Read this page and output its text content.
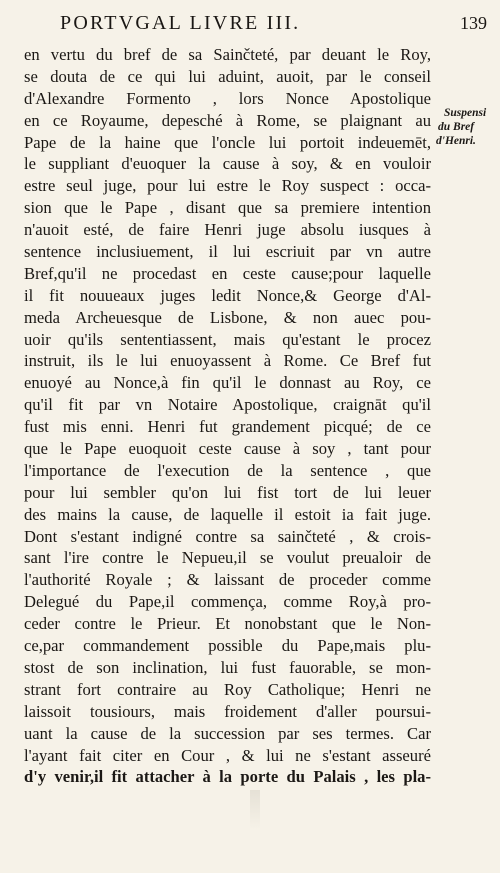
PORTVGAL LIVRE III.	139
Suspensi
du Bref
d'Henri.
en vertu du bref de sa Sainčteté, par deuant le Roy,
se douta de ce qui lui aduint, auoit, par le conseil
d'Alexandre Formento , lors Nonce Apostolique
en ce Royaume, depesché à Rome, se plaignant au
Pape de la haine que l'oncle lui portoit indeuemēt,
le suppliant d'euoquer la cause à soy, & en vouloir
estre seul juge, pour lui estre le Roy suspect : occa-
sion que le Pape , disant que sa premiere intention
n'auoit esté, de faire Henri juge absolu iusques à
sentence inclusiuement, il lui escriuit par vn autre
Bref,qu'il ne procedast en ceste cause;pour laquelle
il fit nouueaux juges ledit Nonce,& George d'Al-
meda Archeuesque de Lisbone, & non auec pou-
uoir qu'ils sententiassent, mais qu'estant le procez
instruit, ils le lui enuoyassent à Rome. Ce Bref fut
enuoyé au Nonce,à fin qu'il le donnast au Roy, ce
qu'il fit par vn Notaire Apostolique, craignāt qu'il
fust mis enni. Henri fut grandement picqué; de ce
que le Pape euoquoit ceste cause à soy , tant pour
l'importance de l'execution de la sentence , que
pour lui sembler qu'on lui fist tort de lui leuer
des mains la cause, de laquelle il estoit ia fait juge.
Dont s'estant indigné contre sa sainčteté , & crois-
sant l'ire contre le Nepueu,il se voulut preualoir de
l'authorité Royale ; & laissant de proceder comme
Delegué du Pape,il commença, comme Roy,à pro-
ceder contre le Prieur. Et nonobstant que le Non-
ce,par commandement possible du Pape,mais plu-
stost de son inclination, lui fust fauorable, se mon-
strant fort contraire au Roy Catholique; Henri ne
laissoit tousiours, mais froidement d'aller poursui-
uant la cause de la succession par ses termes. Car
l'ayant fait citer en Cour , & lui ne s'estant asseuré
d'y venir,il fit attacher à la porte du Palais , les pla-
